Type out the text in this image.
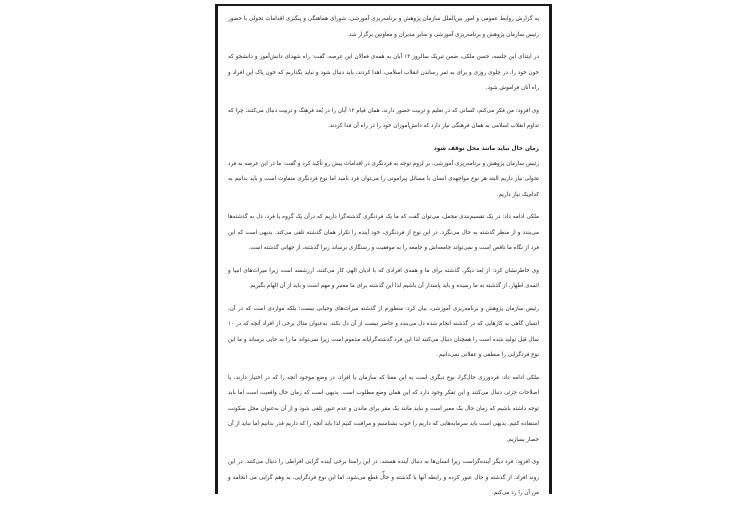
به گزارش روابط عمومی و امور بین‌الملل سازمان پژوهش و برنامه‌ریزی آموزشی، شورای هماهنگی و پیگیری اقدامات تحولی با حضور رئیس سازمان پژوهش و برنامه‌ریزی آموزشی و سایر مدیران و معاونین برگزار شد.

در ابتدای این جلسه، حسن ملکی، ضمن تبریک سالروز ۱۳ آبان به همه‌ی فعالان این عرصه، گفت: راه شهدای دانش‌آموز و دانشجو که خون خود را، در چلوی روزی و برای به ثمر رساندن انقلاب اسلامی، اهدا کردند، باید دنبال شود و نباید بگذاریم که خون پاک این افراد و راه آنان فراموش شود.

وی افزود: من فکر می‌کنم، کسانی که در تعلیم و تربیت حضور دارند، همان قیام ۱۳ آبان را در بُعد فرهنگ و تربیت دنبال می‌کنند، چرا که تداوم انقلاب اسلامی به همان فرهنگی نیاز دارد که دانش‌آموزان خود را در راه آن فدا کردند.

زمان حال نباید مانند محل توقف شود

رئیس سازمان پژوهش و برنامه‌ریزی آموزشی، بر لزوم توجه به فردنگری در اقدامات پیش رو تأکید کرد و گفت: ما در این عرصه به فرد تحولی نیاز داریم البته هر نوع مواجهه‌ی انسان با مسائل پیرامونی را می‌توان فرد نامید اما نوع فردنگری متفاوت است و باید بدانیم به کدام‌یک نیاز داریم.

ملکی ادامه داد: در یک تقسیم‌بندی مجمل، می‌توان گفت که ما یک فردنگری گذشته‌گرا داریم که درآن یک گروه یا فرد، دل به گذشته‌ها می‌بندد و از منظر گذشته به حال می‌نگرد. در این نوع از فردنگری، خود آینده را تکرار همان گذشته تلقی می‌کند. بدیهی است که این فرد از نگاه ما ناقص است و نمی‌تواند جامعه‌اش و جامعه را به موفقیت و رستگاری برساند زیرا گذشته، از جهاتی گذشته است.

وی خاطرنشان کرد: از بُعد دیگر، گذشته برای ما و همه‌ی افرادی که با ادیان الهی کار می‌کنند، ارزشمند است زیرا میراث‌های انبیا و ائمه‌ی اطهار، از گذشته به ما رسیده و باید پاسدار آن باشیم لذا این گذشته برای ما معتبر و مهم است و باید از آن الهام بگیریم.

رئیس سازمان پژوهش و برنامه‌ریزی آموزشی، بیان کرد: منظورم از گذشته میراث‌های وحیانی نیست؛ بلکه مواردی است که در آن، انسان گاهی به کارهایی که در گذشته انجام شده دل می‌بندد و حاضر نیست از آن دل بکند. به‌عنوان مثال برخی از افراد آنچه که در ۱۰ سال قبل تولید شده است را همچنان دنبال می‌کنند لذا این فرد گذشته‌گرایانه مذموم است زیرا نمی‌تواند ما را به جایی برساند و ما این نوع فردگرایی را منطقی و عقلانی نمی‌دانیم.

ملکی ادامه داد: فردورزی حال‌گرا، نوع دیگری است به این معنا که سازمان یا افراد، در وضع موجود آنچه را که در اختیار دارند، با اصلاحات جزئی دنبال می‌کنند و این تفکر وجود دارد که این همان وضع مطلوب است. بدیهی است که زمان حال واقعیت است اما باید توجه داشته باشیم که زمان حال یک معبر است و نباید مانند یک مقر برای ماندن و عدم عبور تلقی شود و از آن به‌عنوان محل سکونت استفاده کنیم. بدیهی است باید سرمایه‌هایی که داریم را خوب بشناسیم و مراقبت کنیم لذا باید آنچه را که داریم قدر بدانیم اما نباید از آن حصار بسازیم.

وی افزود: فرد دیگر آینده‌گراست زیرا انسان‌ها به دنبال آینده هستند. در این راستا برخی آینده گرایی افراطی را دنبال می‌کنند. در این روند افراد، از گذشته و حال عبور کرده و رابطه آنها با گذشته و حال قطع می‌شود، اما این نوع فردگرایی، به وهم گرایی می انجامد و من آن را رد می‌کنم.

۲
